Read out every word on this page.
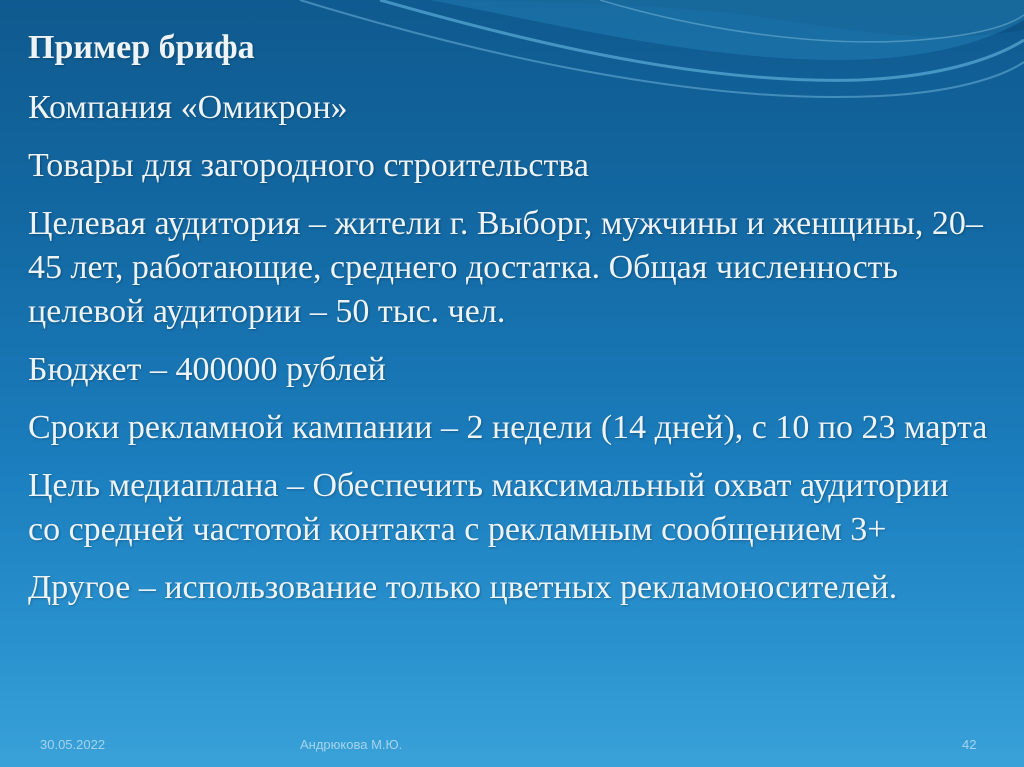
Пример брифа

Компания «Омикрон»

Товары для загородного строительства

Целевая аудитория – жители г. Выборг, мужчины и женщины, 20–45 лет, работающие, среднего достатка. Общая численность целевой аудитории – 50 тыс. чел.

Бюджет – 400000 рублей

Сроки рекламной кампании – 2 недели (14 дней), с 10 по 23 марта

Цель медиаплана – Обеспечить максимальный охват аудитории со средней частотой контакта с рекламным сообщением 3+

Другое – использование только цветных рекламоносителей.

30.05.2022	Андрюкова М.Ю.	42
